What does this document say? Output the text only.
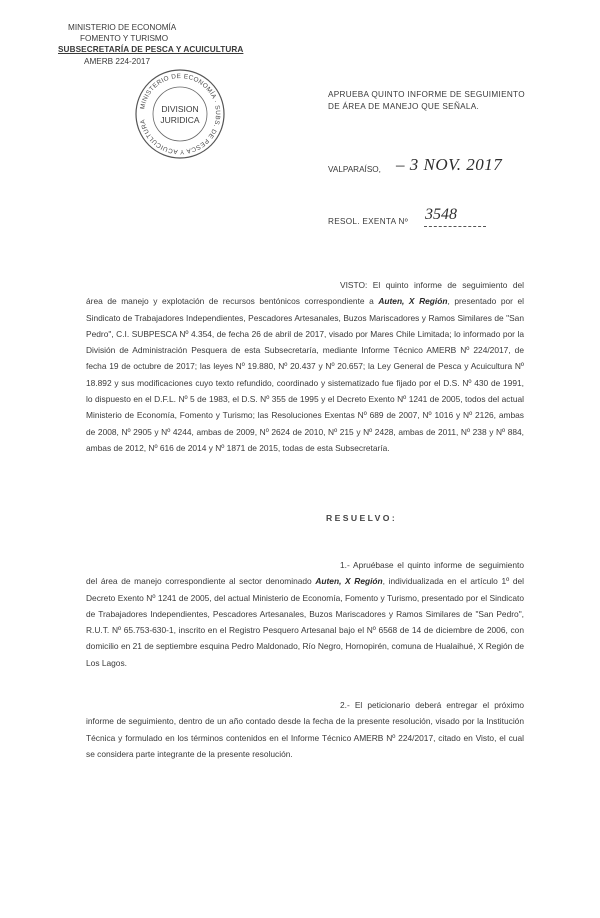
MINISTERIO DE ECONOMÍA
FOMENTO Y TURISMO
SUBSECRETARÍA DE PESCA Y ACUICULTURA
AMERB 224-2017
MINISTERIO DE ECONOMÍA · SUBS. DE PESCA Y ACUICULTURA
DIVISION
JURIDICA
APRUEBA QUINTO INFORME DE SEGUIMIENTO
DE ÁREA DE MANEJO QUE SEÑALA.
VALPARAÍSO, – 3 NOV. 2017
RESOL. EXENTA Nº 3548
VISTO: El quinto informe de seguimiento del área de manejo y explotación de recursos bentónicos correspondiente a Auten, X Región, presentado por el Sindicato de Trabajadores Independientes, Pescadores Artesanales, Buzos Mariscadores y Ramos Similares de "San Pedro", C.I. SUBPESCA Nº 4.354, de fecha 26 de abril de 2017, visado por Mares Chile Limitada; lo informado por la División de Administración Pesquera de esta Subsecretaría, mediante Informe Técnico AMERB Nº 224/2017, de fecha 19 de octubre de 2017; las leyes Nº 19.880, Nº 20.437 y Nº 20.657; la Ley General de Pesca y Acuicultura Nº 18.892 y sus modificaciones cuyo texto refundido, coordinado y sistematizado fue fijado por el D.S. Nº 430 de 1991, lo dispuesto en el D.F.L. Nº 5 de 1983, el D.S. Nº 355 de 1995 y el Decreto Exento Nº 1241 de 2005, todos del actual Ministerio de Economía, Fomento y Turismo; las Resoluciones Exentas Nº 689 de 2007, Nº 1016 y Nº 2126, ambas de 2008, Nº 2905 y Nº 4244, ambas de 2009, Nº 2624 de 2010, Nº 215 y Nº 2428, ambas de 2011, Nº 238 y Nº 884, ambas de 2012, Nº 616 de 2014 y Nº 1871 de 2015, todas de esta Subsecretaría.
RESUELVO:
1.- Apruébase el quinto informe de seguimiento del área de manejo correspondiente al sector denominado Auten, X Región, individualizada en el artículo 1º del Decreto Exento Nº 1241 de 2005, del actual Ministerio de Economía, Fomento y Turismo, presentado por el Sindicato de Trabajadores Independientes, Pescadores Artesanales, Buzos Mariscadores y Ramos Similares de "San Pedro", R.U.T. Nº 65.753-630-1, inscrito en el Registro Pesquero Artesanal bajo el Nº 6568 de 14 de diciembre de 2006, con domicilio en 21 de septiembre esquina Pedro Maldonado, Río Negro, Hornopirén, comuna de Hualaihué, X Región de Los Lagos.
2.- El peticionario deberá entregar el próximo informe de seguimiento, dentro de un año contado desde la fecha de la presente resolución, visado por la Institución Técnica y formulado en los términos contenidos en el Informe Técnico AMERB Nº 224/2017, citado en Visto, el cual se considera parte integrante de la presente resolución.
